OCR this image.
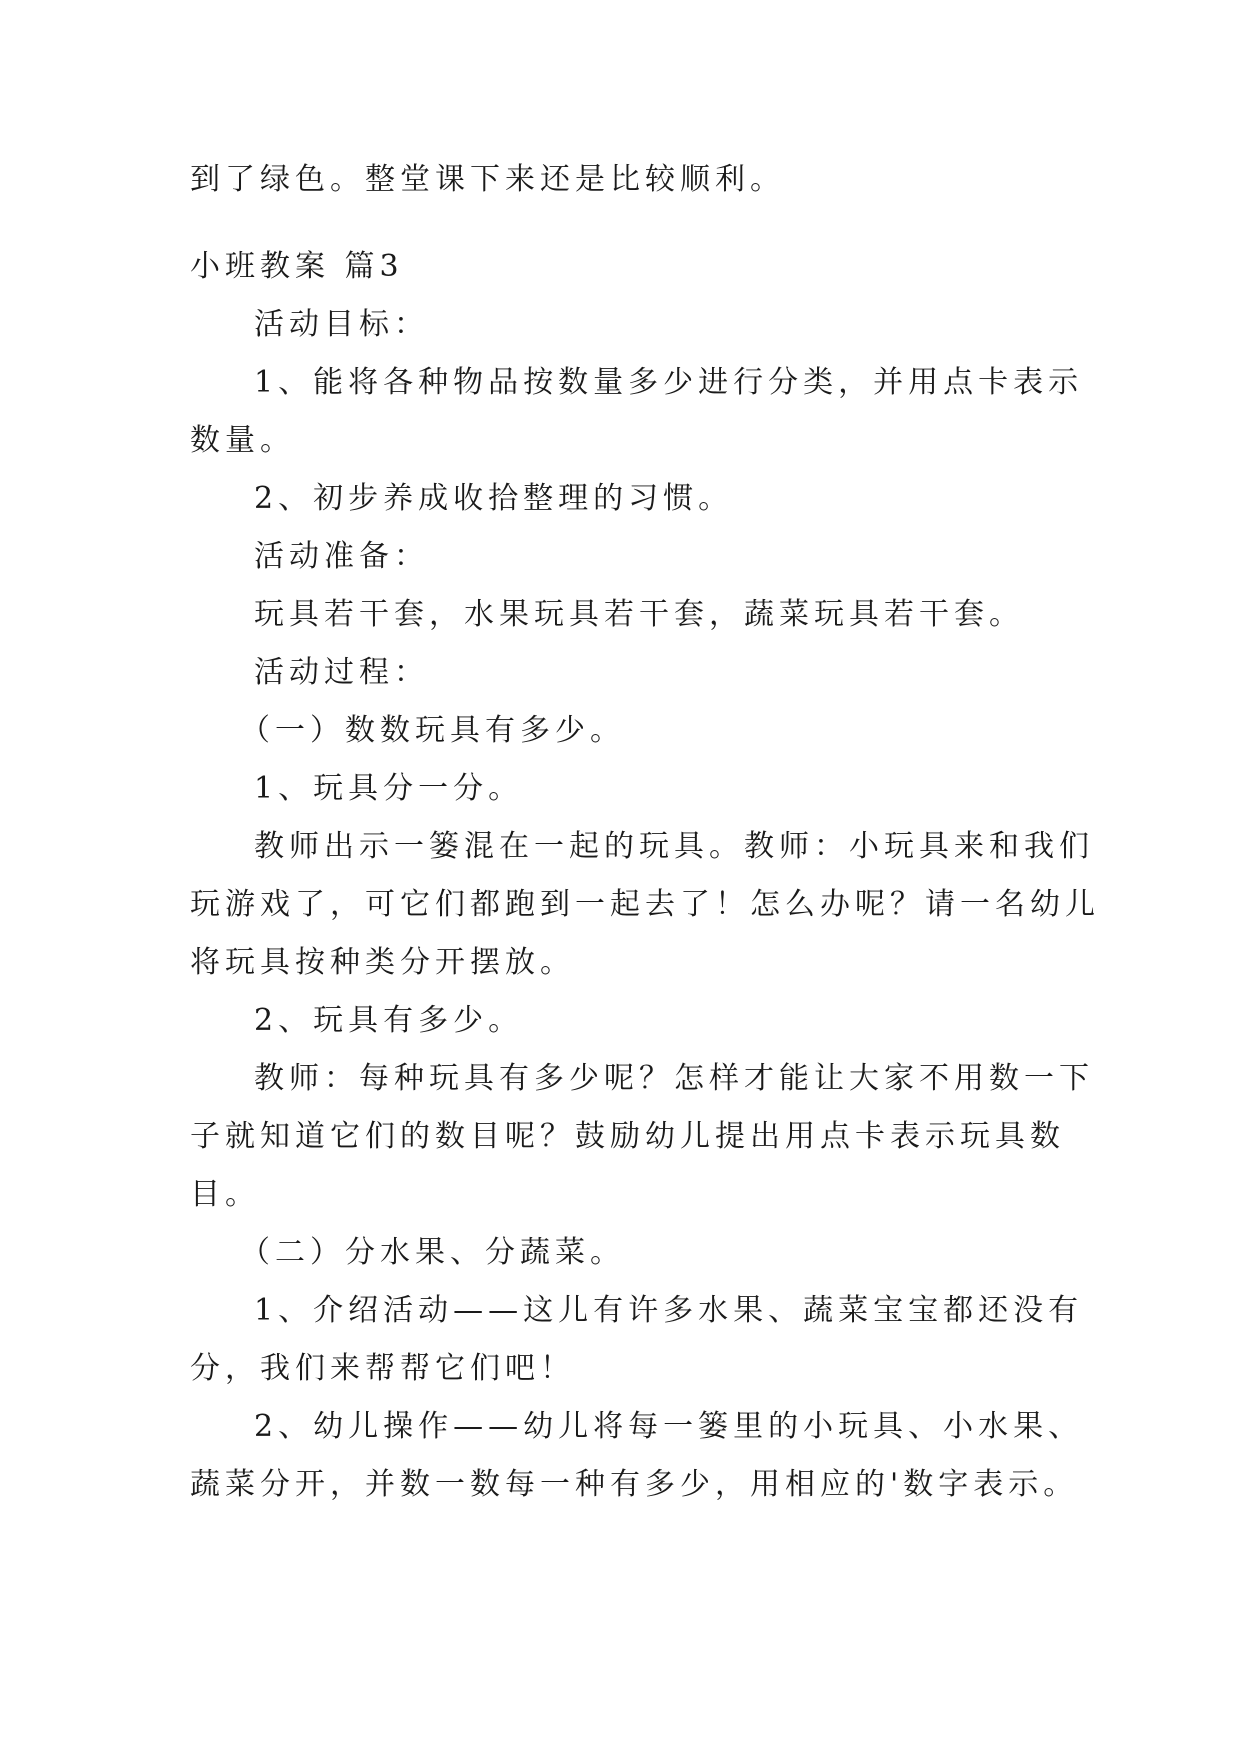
到了绿色。整堂课下来还是比较顺利。
小班教案 篇3
活动目标：
1、能将各种物品按数量多少进行分类，并用点卡表示
数量。
2、初步养成收拾整理的习惯。
活动准备：
玩具若干套，水果玩具若干套，蔬菜玩具若干套。
活动过程：
（一）数数玩具有多少。
1、玩具分一分。
教师出示一篓混在一起的玩具。教师：小玩具来和我们
玩游戏了，可它们都跑到一起去了！怎么办呢？请一名幼儿
将玩具按种类分开摆放。
2、玩具有多少。
教师：每种玩具有多少呢？怎样才能让大家不用数一下
子就知道它们的数目呢？鼓励幼儿提出用点卡表示玩具数
目。
（二）分水果、分蔬菜。
1、介绍活动——这儿有许多水果、蔬菜宝宝都还没有
分，我们来帮帮它们吧！
2、幼儿操作——幼儿将每一篓里的小玩具、小水果、
蔬菜分开，并数一数每一种有多少，用相应的'数字表示。
